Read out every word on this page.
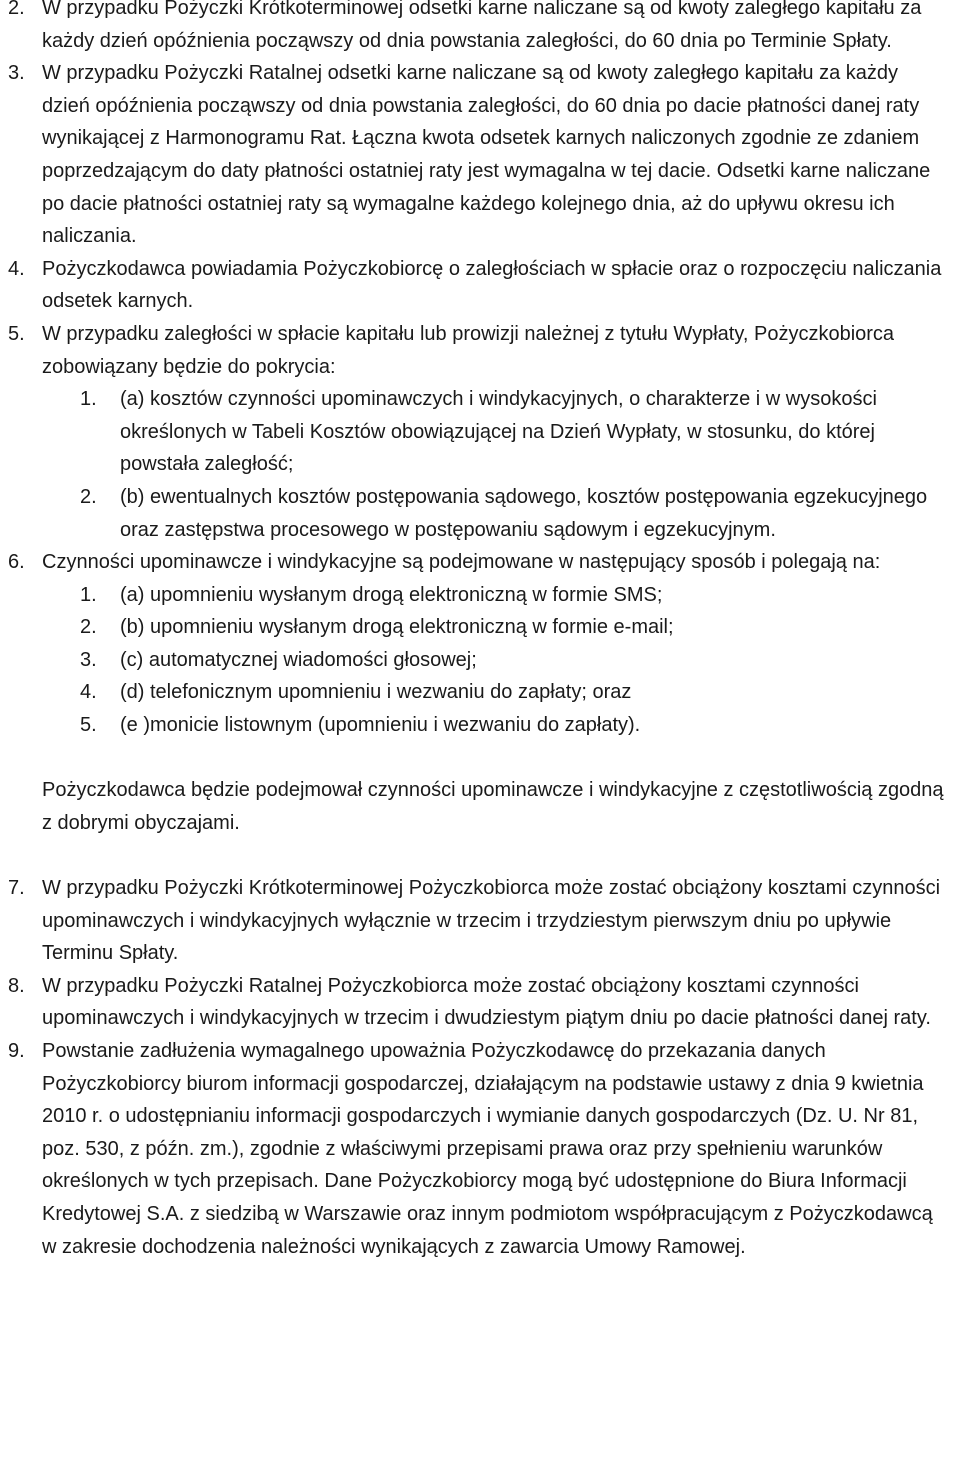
2. W przypadku Pożyczki Krótkoterminowej odsetki karne naliczane są od kwoty zaległego kapitału za każdy dzień opóźnienia począwszy od dnia powstania zaległości, do 60 dnia po Terminie Spłaty.
3. W przypadku Pożyczki Ratalnej odsetki karne naliczane są od kwoty zaległego kapitału za każdy dzień opóźnienia począwszy od dnia powstania zaległości, do 60 dnia po dacie płatności danej raty wynikającej z Harmonogramu Rat. Łączna kwota odsetek karnych naliczonych zgodnie ze zdaniem poprzedzającym do daty płatności ostatniej raty jest wymagalna w tej dacie. Odsetki karne naliczane po dacie płatności ostatniej raty są wymagalne każdego kolejnego dnia, aż do upływu okresu ich naliczania.
4. Pożyczkodawca powiadamia Pożyczkobiorcę o zaległościach w spłacie oraz o rozpoczęciu naliczania odsetek karnych.
5. W przypadku zaległości w spłacie kapitału lub prowizji należnej z tytułu Wypłaty, Pożyczkobiorca zobowiązany będzie do pokrycia:
1. (a) kosztów czynności upominawczych i windykacyjnych, o charakterze i w wysokości określonych w Tabeli Kosztów obowiązującej na Dzień Wypłaty, w stosunku, do której powstała zaległość;
2. (b) ewentualnych kosztów postępowania sądowego, kosztów postępowania egzekucyjnego oraz zastępstwa procesowego w postępowaniu sądowym i egzekucyjnym.
6. Czynności upominawcze i windykacyjne są podejmowane w następujący sposób i polegają na:
1. (a) upomnieniu wysłanym drogą elektroniczną w formie SMS;
2. (b) upomnieniu wysłanym drogą elektroniczną w formie e-mail;
3. (c) automatycznej wiadomości głosowej;
4. (d) telefonicznym upomnieniu i wezwaniu do zapłaty; oraz
5. (e )monicie listownym (upomnieniu i wezwaniu do zapłaty).
Pożyczkodawca będzie podejmował czynności upominawcze i windykacyjne z częstotliwością zgodną z dobrymi obyczajami.
7. W przypadku Pożyczki Krótkoterminowej Pożyczkobiorca może zostać obciążony kosztami czynności upominawczych i windykacyjnych wyłącznie w trzecim i trzydziestym pierwszym dniu po upływie Terminu Spłaty.
8. W przypadku Pożyczki Ratalnej Pożyczkobiorca może zostać obciążony kosztami czynności upominawczych i windykacyjnych w trzecim i dwudziestym piątym dniu po dacie płatności danej raty.
9. Powstanie zadłużenia wymagalnego upoważnia Pożyczkodawcę do przekazania danych Pożyczkobiorcy biurom informacji gospodarczej, działającym na podstawie ustawy z dnia 9 kwietnia 2010 r. o udostępnianiu informacji gospodarczych i wymianie danych gospodarczych (Dz. U. Nr 81, poz. 530, z późn. zm.), zgodnie z właściwymi przepisami prawa oraz przy spełnieniu warunków określonych w tych przepisach. Dane Pożyczkobiorcy mogą być udostępnione do Biura Informacji Kredytowej S.A. z siedzibą w Warszawie oraz innym podmiotom współpracującym z Pożyczkodawcą w zakresie dochodzenia należności wynikających z zawarcia Umowy Ramowej.
